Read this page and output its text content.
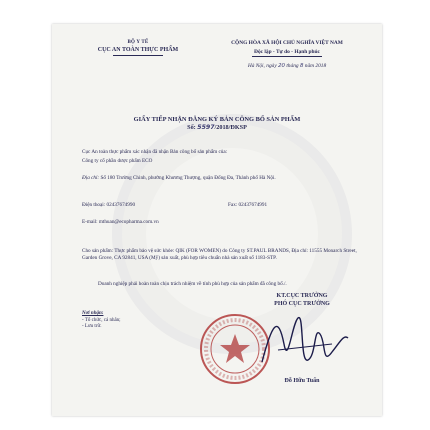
BỘ Y TẾ
CỤC AN TOÀN THỰC PHẨM
CỘNG HÒA XÃ HỘI CHỦ NGHĨA VIỆT NAM
Độc lập - Tự do - Hạnh phúc
Hà Nội, ngày 20 tháng 8 năm 2018
GIẤY TIẾP NHẬN ĐĂNG KÝ BẢN CÔNG BỐ SẢN PHẨM
Số: 5597/2018/ĐKSP
Cục An toàn thực phẩm xác nhận đã nhận Bản công bố sản phẩm của:
Công ty cổ phần dược phẩm ECO
Địa chỉ: Số 180 Trường Chinh, phường Khương Thượng, quận Đống Đa, Thành phố Hà Nội.
Điện thoại: 02437674990	Fax: 02437674991
E-mail: mthuan@ecopharma.com.vn
Cho sản phẩm: Thực phẩm bảo vệ sức khỏe: QIK (FOR WOMEN) do Công ty ST.PAUL BRANDS, Địa chỉ: 11555 Monarch Street, Garden Grove, CA 92841, USA (Mỹ) sản xuất, phù hợp tiêu chuẩn nhà sản xuất số 1183-STP.
Doanh nghiệp phải hoàn toàn chịu trách nhiệm về tính phù hợp của sản phẩm đã công bố./.
Nơi nhận:
- Tổ chức, cá nhân;
- Lưu trữ.
KT.CỤC TRƯỞNG
PHÓ CỤC TRƯỞNG
Đỗ Hữu Tuấn
